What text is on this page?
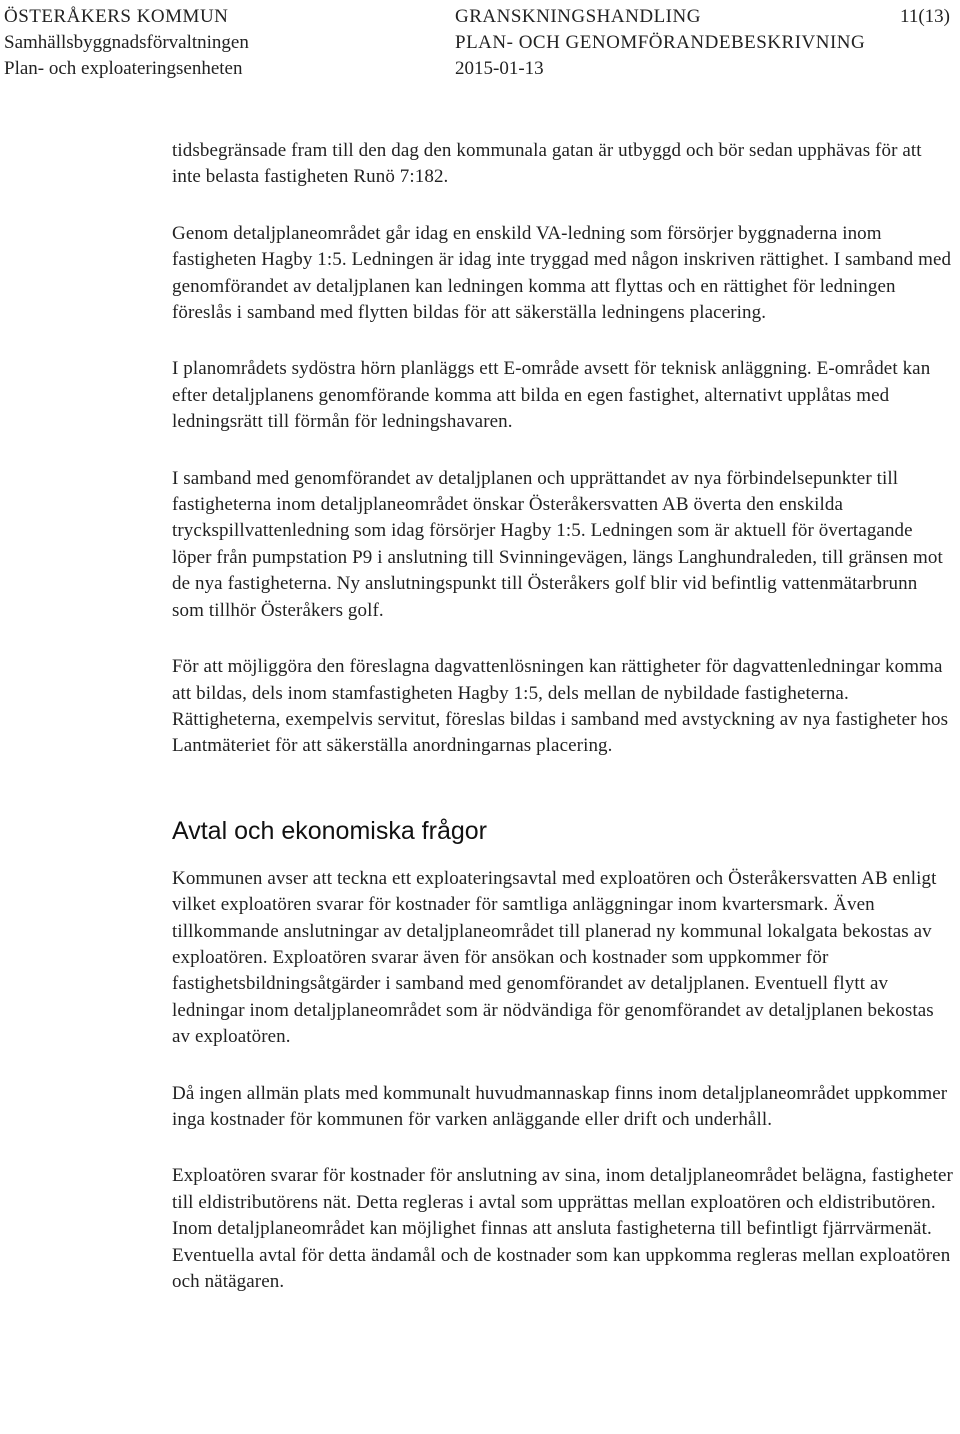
ÖSTERÅKERS KOMMUN
Samhällsbyggnadsförvaltningen
Plan- och exploateringsenheten
GRANSKNINGSHANDLING
PLAN- OCH GENOMFÖRANDEBESKRIVNING
2015-01-13
11(13)

tidsbegränsade fram till den dag den kommunala gatan är utbyggd och bör sedan upphävas för att inte belasta fastigheten Runö 7:182.

Genom detaljplaneområdet går idag en enskild VA-ledning som försörjer byggnaderna inom fastigheten Hagby 1:5. Ledningen är idag inte tryggad med någon inskriven rättighet. I samband med genomförandet av detaljplanen kan ledningen komma att flyttas och en rättighet för ledningen föreslås i samband med flytten bildas för att säkerställa ledningens placering.

I planområdets sydöstra hörn planläggs ett E-område avsett för teknisk anläggning. E-området kan efter detaljplanens genomförande komma att bilda en egen fastighet, alternativt upplåtas med ledningsrätt till förmån för ledningshavaren.

I samband med genomförandet av detaljplanen och upprättandet av nya förbindelsepunkter till fastigheterna inom detaljplaneområdet önskar Österåkersvatten AB överta den enskilda tryckspillvattenledning som idag försörjer Hagby 1:5. Ledningen som är aktuell för övertagande löper från pumpstation P9 i anslutning till Svinningevägen, längs Langhundraleden, till gränsen mot de nya fastigheterna. Ny anslutningspunkt till Österåkers golf blir vid befintlig vattenmätarbrunn som tillhör Österåkers golf.

För att möjliggöra den föreslagna dagvattenlösningen kan rättigheter för dagvattenledningar komma att bildas, dels inom stamfastigheten Hagby 1:5, dels mellan de nybildade fastigheterna. Rättigheterna, exempelvis servitut, föreslas bildas i samband med avstyckning av nya fastigheter hos Lantmäteriet för att säkerställa anordningarnas placering.

Avtal och ekonomiska frågor

Kommunen avser att teckna ett exploateringsavtal med exploatören och Österåkersvatten AB enligt vilket exploatören svarar för kostnader för samtliga anläggningar inom kvartersmark. Även tillkommande anslutningar av detaljplaneområdet till planerad ny kommunal lokalgata bekostas av exploatören. Exploatören svarar även för ansökan och kostnader som uppkommer för fastighetsbildningsåtgärder i samband med genomförandet av detaljplanen. Eventuell flytt av ledningar inom detaljplaneområdet som är nödvändiga för genomförandet av detaljplanen bekostas av exploatören.

Då ingen allmän plats med kommunalt huvudmannaskap finns inom detaljplaneområdet uppkommer inga kostnader för kommunen för varken anläggande eller drift och underhåll.

Exploatören svarar för kostnader för anslutning av sina, inom detaljplaneområdet belägna, fastigheter till eldistributörens nät. Detta regleras i avtal som upprättas mellan exploatören och eldistributören. Inom detaljplaneområdet kan möjlighet finnas att ansluta fastigheterna till befintligt fjärrvärmenät. Eventuella avtal för detta ändamål och de kostnader som kan uppkomma regleras mellan exploatören och nätägaren.
